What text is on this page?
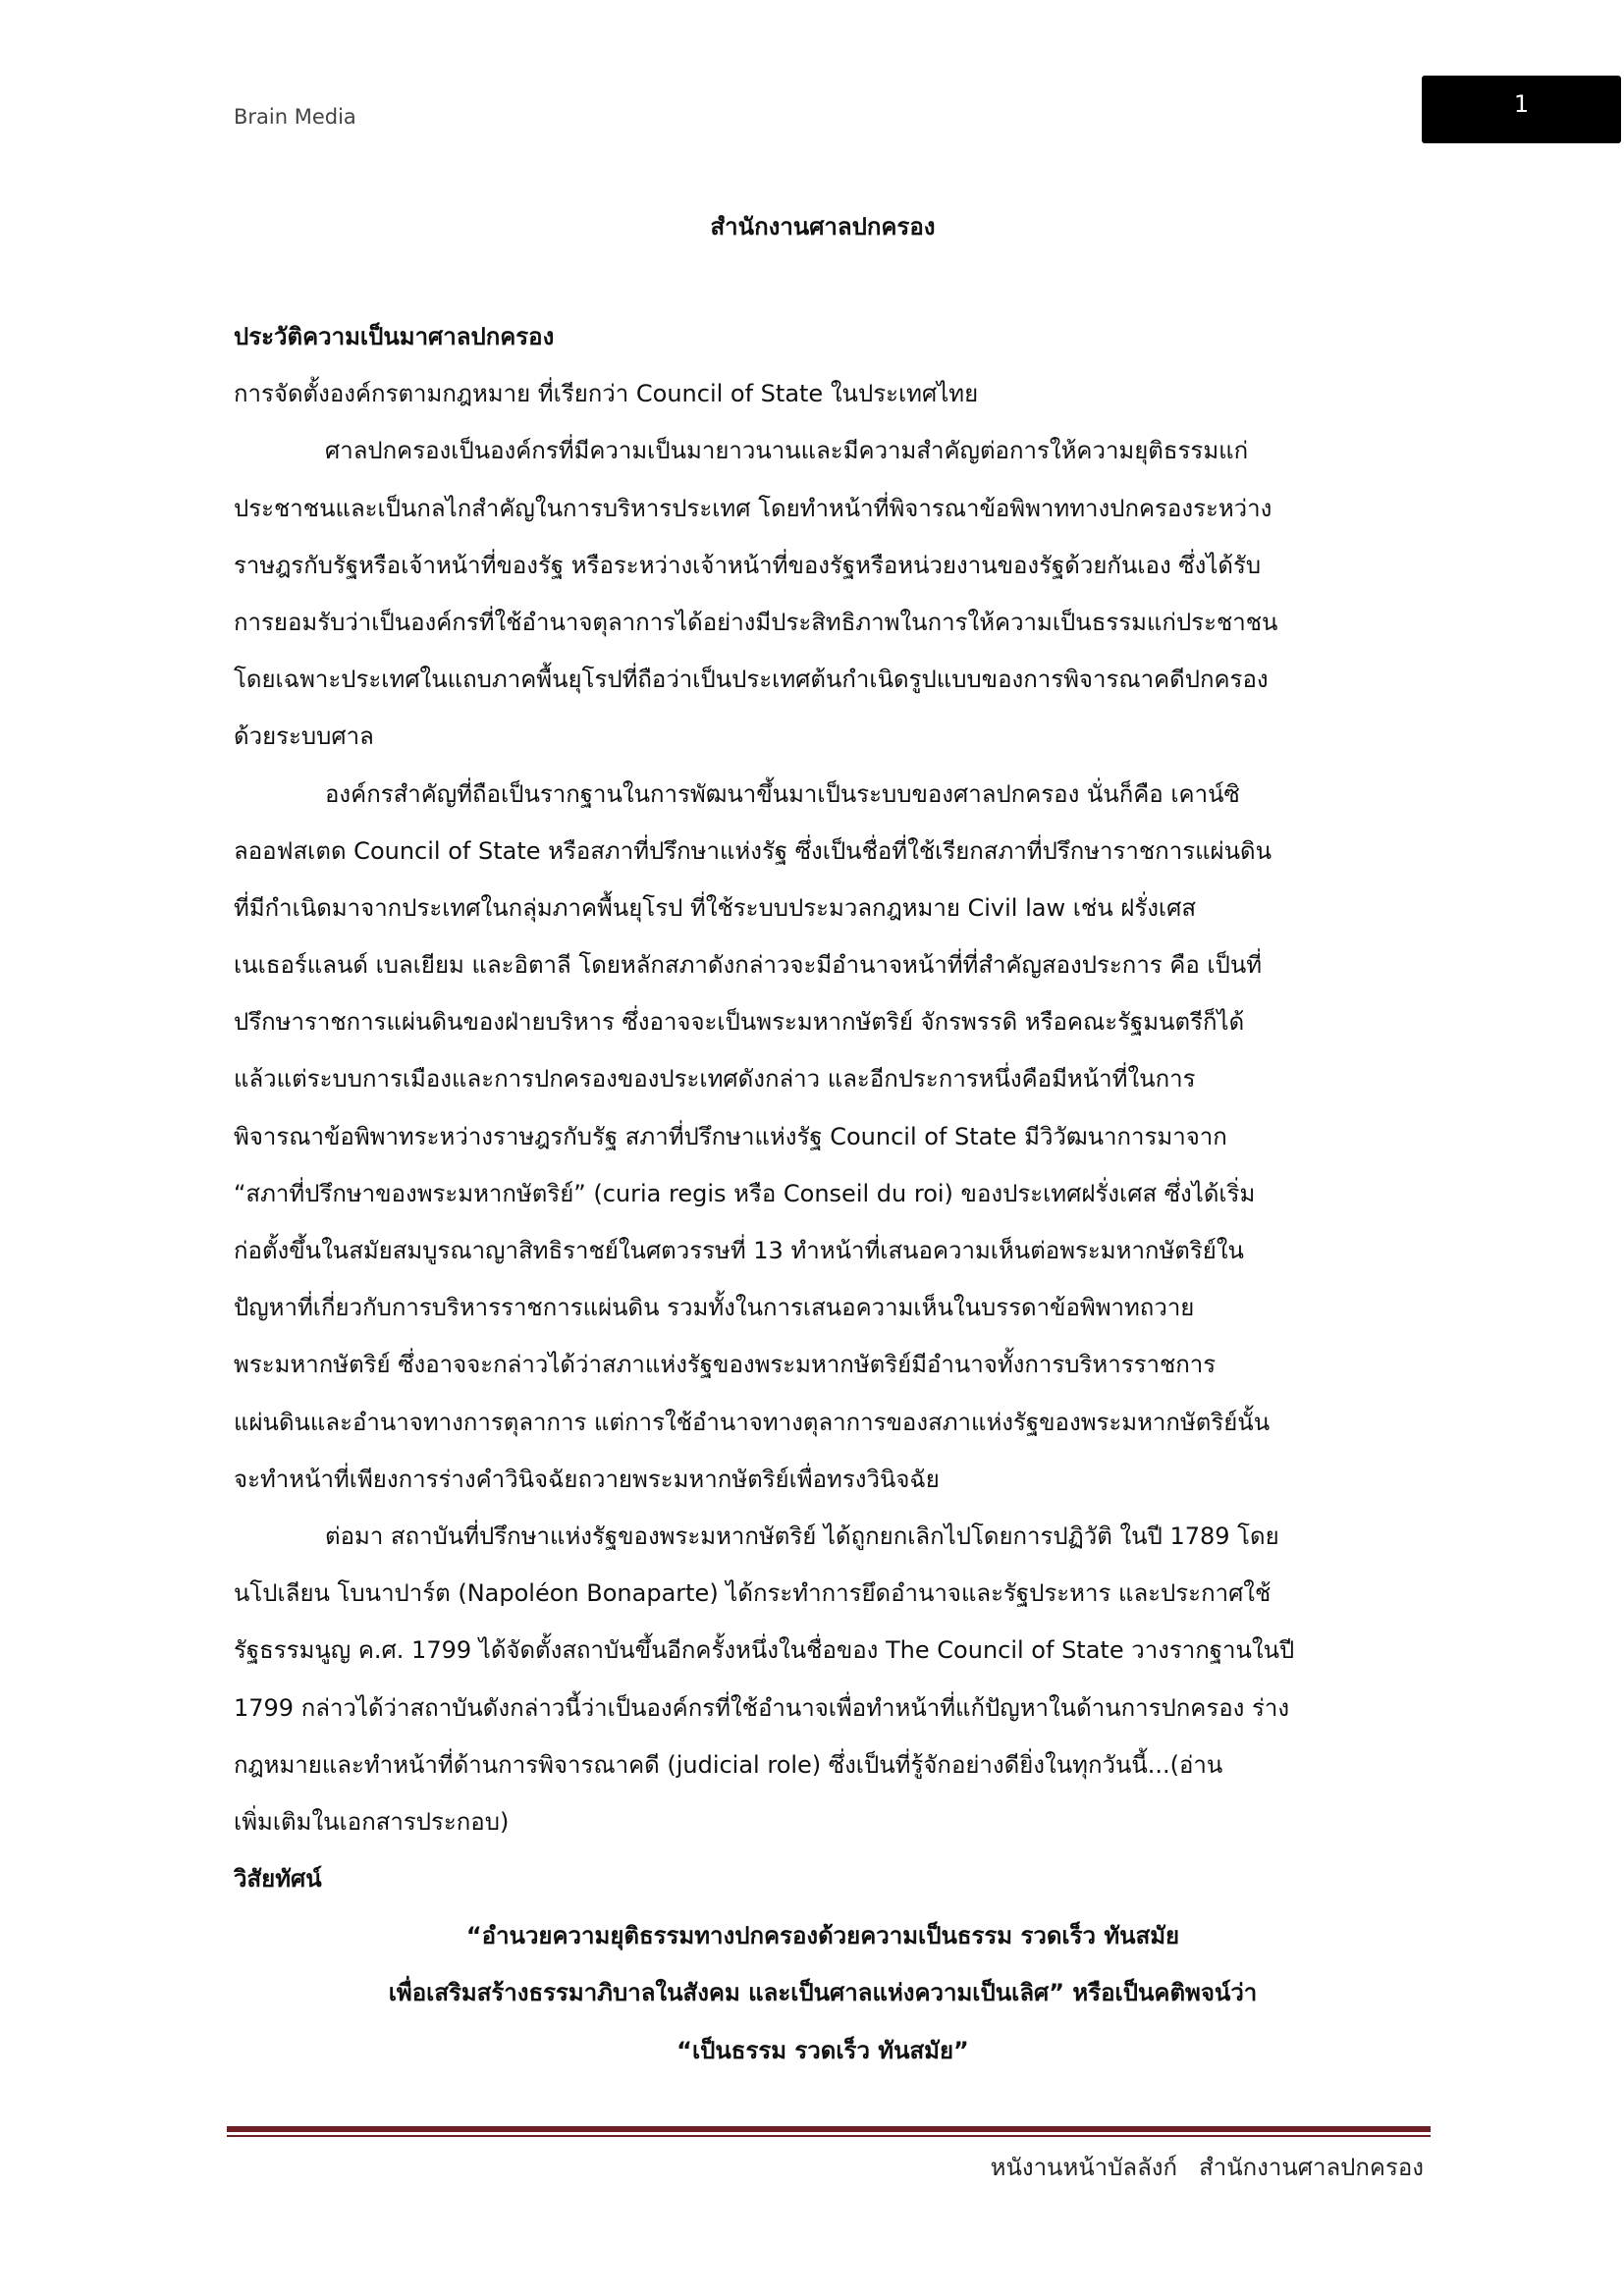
Brain Media	1
สำนักงานศาลปกครอง
ประวัติความเป็นมาศาลปกครอง
การจัดตั้งองค์กรตามกฎหมาย ที่เรียกว่า Council of State ในประเทศไทย
ศาลปกครองเป็นองค์กรที่มีความเป็นมายาวนานและมีความสำคัญต่อการให้ความยุติธรรมแก่
ประชาชนและเป็นกลไกสำคัญในการบริหารประเทศ โดยทำหน้าที่พิจารณาข้อพิพาททางปกครองระหว่าง
ราษฎรกับรัฐหรือเจ้าหน้าที่ของรัฐ หรือระหว่างเจ้าหน้าที่ของรัฐหรือหน่วยงานของรัฐด้วยกันเอง ซึ่งได้รับ
การยอมรับว่าเป็นองค์กรที่ใช้อำนาจตุลาการได้อย่างมีประสิทธิภาพในการให้ความเป็นธรรมแก่ประชาชน
โดยเฉพาะประเทศในแถบภาคพื้นยุโรปที่ถือว่าเป็นประเทศต้นกำเนิดรูปแบบของการพิจารณาคดีปกครอง
ด้วยระบบศาล
องค์กรสำคัญที่ถือเป็นรากฐานในการพัฒนาขึ้นมาเป็นระบบของศาลปกครอง นั่นก็คือ เคาน์ซิ
ลออฟสเตด Council of State หรือสภาที่ปรึกษาแห่งรัฐ ซึ่งเป็นชื่อที่ใช้เรียกสภาที่ปรึกษาราชการแผ่นดิน
ที่มีกำเนิดมาจากประเทศในกลุ่มภาคพื้นยุโรป ที่ใช้ระบบประมวลกฎหมาย Civil law เช่น ฝรั่งเศส
เนเธอร์แลนด์ เบลเยียม และอิตาลี โดยหลักสภาดังกล่าวจะมีอำนาจหน้าที่ที่สำคัญสองประการ คือ เป็นที่
ปรึกษาราชการแผ่นดินของฝ่ายบริหาร ซึ่งอาจจะเป็นพระมหากษัตริย์ จักรพรรดิ หรือคณะรัฐมนตรีก็ได้
แล้วแต่ระบบการเมืองและการปกครองของประเทศดังกล่าว และอีกประการหนึ่งคือมีหน้าที่ในการ
พิจารณาข้อพิพาทระหว่างราษฎรกับรัฐ สภาที่ปรึกษาแห่งรัฐ Council of State มีวิวัฒนาการมาจาก
“สภาที่ปรึกษาของพระมหากษัตริย์” (curia regis หรือ Conseil du roi) ของประเทศฝรั่งเศส ซึ่งได้เริ่ม
ก่อตั้งขึ้นในสมัยสมบูรณาญาสิทธิราชย์ในศตวรรษที่ 13 ทำหน้าที่เสนอความเห็นต่อพระมหากษัตริย์ใน
ปัญหาที่เกี่ยวกับการบริหารราชการแผ่นดิน รวมทั้งในการเสนอความเห็นในบรรดาข้อพิพาทถวาย
พระมหากษัตริย์ ซึ่งอาจจะกล่าวได้ว่าสภาแห่งรัฐของพระมหากษัตริย์มีอำนาจทั้งการบริหารราชการ
แผ่นดินและอำนาจทางการตุลาการ แต่การใช้อำนาจทางตุลาการของสภาแห่งรัฐของพระมหากษัตริย์นั้น
จะทำหน้าที่เพียงการร่างคำวินิจฉัยถวายพระมหากษัตริย์เพื่อทรงวินิจฉัย
ต่อมา สถาบันที่ปรึกษาแห่งรัฐของพระมหากษัตริย์ ได้ถูกยกเลิกไปโดยการปฏิวัติ ในปี 1789 โดย
นโปเลียน โบนาปาร์ต (Napoléon Bonaparte) ได้กระทำการยึดอำนาจและรัฐประหาร และประกาศใช้
รัฐธรรมนูญ ค.ศ. 1799 ได้จัดตั้งสถาบันขึ้นอีกครั้งหนึ่งในชื่อของ The Council of State วางรากฐานในปี
1799 กล่าวได้ว่าสถาบันดังกล่าวนี้ว่าเป็นองค์กรที่ใช้อำนาจเพื่อทำหน้าที่แก้ปัญหาในด้านการปกครอง ร่าง
กฎหมายและทำหน้าที่ด้านการพิจารณาคดี (judicial role) ซึ่งเป็นที่รู้จักอย่างดียิ่งในทุกวันนี้...(อ่าน
เพิ่มเติมในเอกสารประกอบ)
วิสัยทัศน์
“อำนวยความยุติธรรมทางปกครองด้วยความเป็นธรรม รวดเร็ว ทันสมัย
เพื่อเสริมสร้างธรรมาภิบาลในสังคม และเป็นศาลแห่งความเป็นเลิศ” หรือเป็นคติพจน์ว่า
“เป็นธรรม รวดเร็ว ทันสมัย”
หนังานหน้าบัลลังก์ สำนักงานศาลปกครอง
